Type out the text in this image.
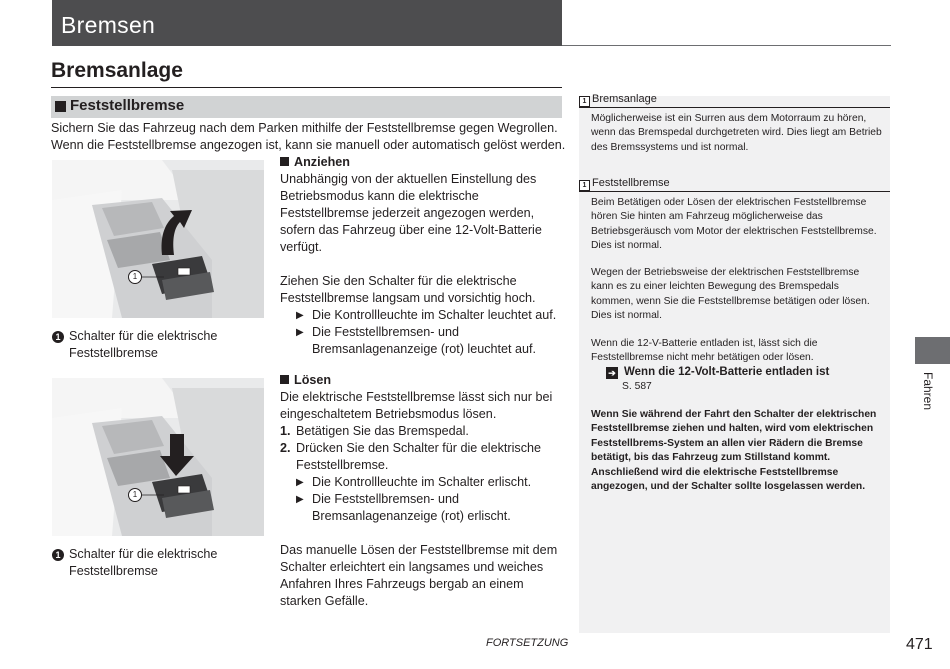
Bremsen
Bremsanlage
Feststellbremse
Sichern Sie das Fahrzeug nach dem Parken mithilfe der Feststellbremse gegen Wegrollen. Wenn die Feststellbremse angezogen ist, kann sie manuell oder automatisch gelöst werden.
1
1 Schalter für die elektrische Feststellbremse
1
1 Schalter für die elektrische Feststellbremse
Anziehen
Unabhängig von der aktuellen Einstellung des Betriebsmodus kann die elektrische Feststellbremse jederzeit angezogen werden, sofern das Fahrzeug über eine 12-Volt-Batterie verfügt.
Ziehen Sie den Schalter für die elektrische Feststellbremse langsam und vorsichtig hoch.
▶ Die Kontrollleuchte im Schalter leuchtet auf.
▶ Die Feststellbremsen- und Bremsanlagenanzeige (rot) leuchtet auf.
Lösen
Die elektrische Feststellbremse lässt sich nur bei eingeschaltetem Betriebsmodus lösen.
1. Betätigen Sie das Bremspedal.
2. Drücken Sie den Schalter für die elektrische Feststellbremse.
▶ Die Kontrollleuchte im Schalter erlischt.
▶ Die Feststellbremsen- und Bremsanlagenanzeige (rot) erlischt.
Das manuelle Lösen der Feststellbremse mit dem Schalter erleichtert ein langsames und weiches Anfahren Ihres Fahrzeugs bergab an einem starken Gefälle.
1 Bremsanlage
Möglicherweise ist ein Surren aus dem Motorraum zu hören, wenn das Bremspedal durchgetreten wird. Dies liegt am Betrieb des Bremssystems und ist normal.
1 Feststellbremse
Beim Betätigen oder Lösen der elektrischen Feststellbremse hören Sie hinten am Fahrzeug möglicherweise das Betriebsgeräusch vom Motor der elektrischen Feststellbremse. Dies ist normal.
Wegen der Betriebsweise der elektrischen Feststellbremse kann es zu einer leichten Bewegung des Bremspedals kommen, wenn Sie die Feststellbremse betätigen oder lösen. Dies ist normal.
Wenn die 12-V-Batterie entladen ist, lässt sich die Feststellbremse nicht mehr betätigen oder lösen.
➔ Wenn die 12-Volt-Batterie entladen ist
S. 587
Wenn Sie während der Fahrt den Schalter der elektrischen Feststellbremse ziehen und halten, wird vom elektrischen Feststellbrems-System an allen vier Rädern die Bremse betätigt, bis das Fahrzeug zum Stillstand kommt. Anschließend wird die elektrische Feststellbremse angezogen, und der Schalter sollte losgelassen werden.
Fahren
FORTSETZUNG	471
